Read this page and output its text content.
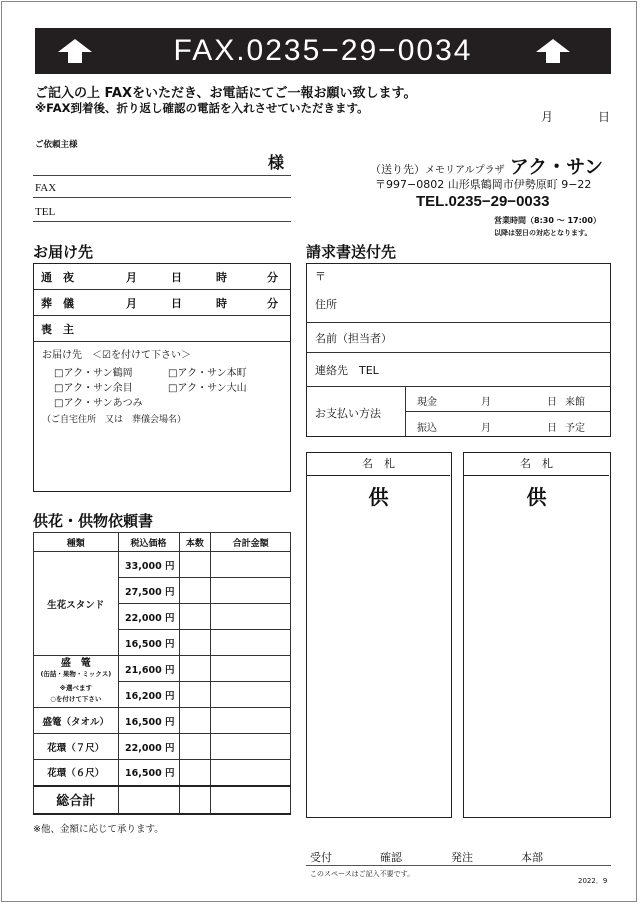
FAX.0235−29−0034
ご記入の上 FAXをいただき、お電話にてご一報お願い致します。
※FAX到着後、折り返し確認の電話を入れさせていただきます。
月	日
ご依頼主様
様
FAX
TEL
（送り先）メモリアルプラザ アク・サン
〒997−0802 山形県鶴岡市伊勢原町 9−22
TEL.0235−29−0033
営業時間（8:30 〜 17:00）
以降は翌日の対応となります。
お届け先
通　夜	月	日	時	分
葬　儀	月	日	時	分
喪　主
お届け先　＜☑を付けて下さい＞
□アク・サン鶴岡	□アク・サン本町
□アク・サン余目	□アク・サン大山
□アク・サンあつみ
（ご自宅住所　又は　葬儀会場名）
請求書送付先
〒
住所
名前（担当者）
連絡先　TEL
お支払い方法
現金	月	日 来館
振込	月	日 予定
名　札
供
名　札
供
供花・供物依頼書
種類	税込価格	本数	合計金額
生花スタンド	33,000 円		
	27,500 円		
	22,000 円		
	16,500 円		

盛　篭
(缶詰・果物・ミックス)
※選べます
○を付けて下さい	21,600 円		
	16,200 円		
盛篭（タオル）	16,500 円		
花環（７尺）	22,000 円		
花環（６尺）	16,500 円		
総合計			
※他、金額に応じて承ります。
受付	確認	発注	本部
このスペースはご記入不要です。
2022．9
